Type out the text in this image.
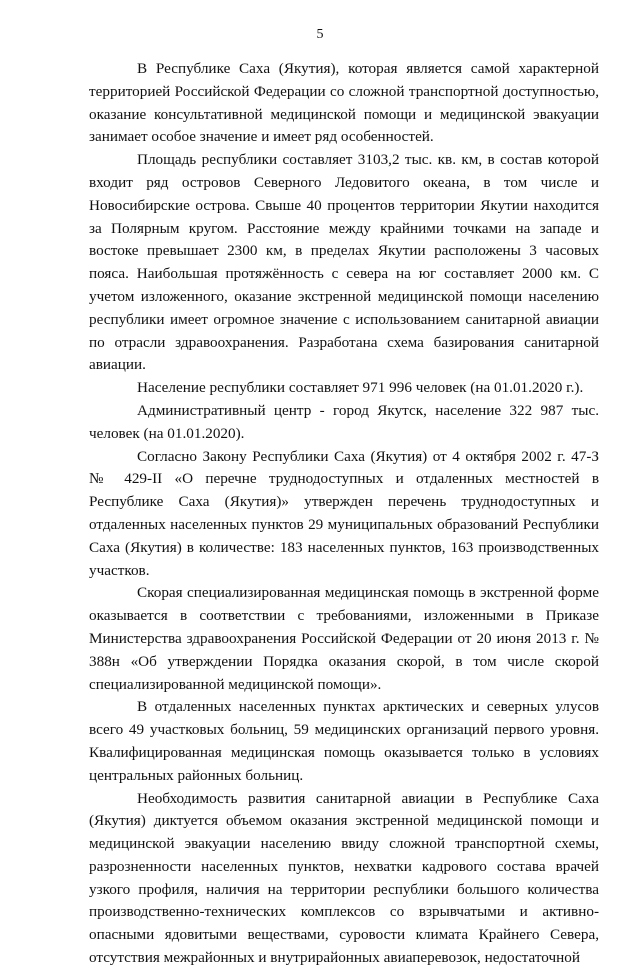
5

В Республике Саха (Якутия), которая является самой характерной территорией Российской Федерации со сложной транспортной доступностью, оказание консультативной медицинской помощи и медицинской эвакуации занимает особое значение и имеет ряд особенностей.

Площадь республики составляет 3103,2 тыс. кв. км, в состав которой входит ряд островов Северного Ледовитого океана, в том числе и Новосибирские острова. Свыше 40 процентов территории Якутии находится за Полярным кругом. Расстояние между крайними точками на западе и востоке превышает 2300 км, в пределах Якутии расположены 3 часовых пояса. Наибольшая протяжённость с севера на юг составляет 2000 км. С учетом изложенного, оказание экстренной медицинской помощи населению республики имеет огромное значение с использованием санитарной авиации по отрасли здравоохранения. Разработана схема базирования санитарной авиации.

Население республики составляет 971 996 человек (на 01.01.2020 г.).

Административный центр - город Якутск, население 322 987 тыс. человек (на 01.01.2020).

Согласно Закону Республики Саха (Якутия) от 4 октября 2002 г. 47-З № 429-II «О перечне труднодоступных и отдаленных местностей в Республике Саха (Якутия)» утвержден перечень труднодоступных и отдаленных населенных пунктов 29 муниципальных образований Республики Саха (Якутия) в количестве: 183 населенных пунктов, 163 производственных участков.

Скорая специализированная медицинская помощь в экстренной форме оказывается в соответствии с требованиями, изложенными в Приказе Министерства здравоохранения Российской Федерации от 20 июня 2013 г. № 388н «Об утверждении Порядка оказания скорой, в том числе скорой специализированной медицинской помощи».

В отдаленных населенных пунктах арктических и северных улусов всего 49 участковых больниц, 59 медицинских организаций первого уровня. Квалифицированная медицинская помощь оказывается только в условиях центральных районных больниц.

Необходимость развития санитарной авиации в Республике Саха (Якутия) диктуется объемом оказания экстренной медицинской помощи и медицинской эвакуации населению ввиду сложной транспортной схемы, разрозненности населенных пунктов, нехватки кадрового состава врачей узкого профиля, наличия на территории республики большого количества производственно-технических комплексов со взрывчатыми и активно-опасными ядовитыми веществами, суровости климата Крайнего Севера, отсутствия межрайонных и внутрирайонных авиаперевозок, недостаточной
